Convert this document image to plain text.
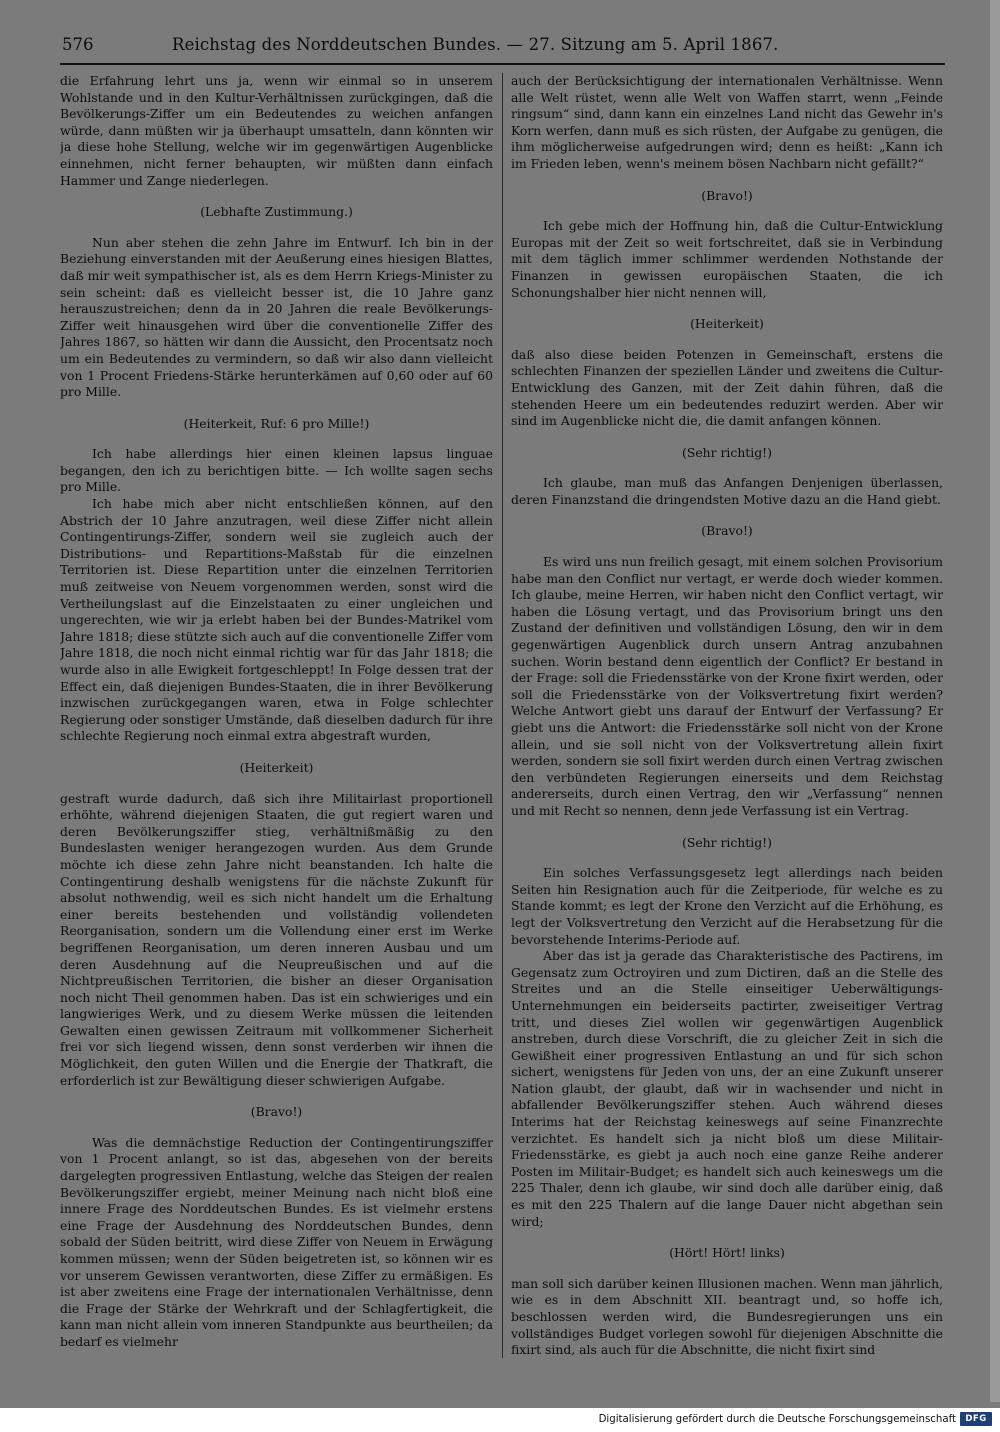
576	Reichstag des Norddeutschen Bundes. — 27. Sitzung am 5. April 1867.

die Erfahrung lehrt uns ja, wenn wir einmal so in unserem Wohlstande und in den Kultur-Verhältnissen zurückgingen, daß die Bevölkerungs-Ziffer um ein Bedeutendes zu weichen anfangen würde, dann müßten wir ja überhaupt umsatteln, dann könnten wir ja diese hohe Stellung, welche wir im gegenwärtigen Augenblicke einnehmen, nicht ferner behaupten, wir müßten dann einfach Hammer und Zange niederlegen.

(Lebhafte Zustimmung.)

Nun aber stehen die zehn Jahre im Entwurf. Ich bin in der Beziehung einverstanden mit der Aeußerung eines hiesigen Blattes, daß mir weit sympathischer ist, als es dem Herrn Kriegs-Minister zu sein scheint: daß es vielleicht besser ist, die 10 Jahre ganz herauszustreichen; denn da in 20 Jahren die reale Bevölkerungs-Ziffer weit hinausgehen wird über die conventionelle Ziffer des Jahres 1867, so hätten wir dann die Aussicht, den Procentsatz noch um ein Bedeutendes zu vermindern, so daß wir also dann vielleicht von 1 Procent Friedens-Stärke herunterkämen auf 0,60 oder auf 60 pro Mille.

(Heiterkeit, Ruf: 6 pro Mille!)

Ich habe allerdings hier einen kleinen lapsus linguae begangen, den ich zu berichtigen bitte. — Ich wollte sagen sechs pro Mille.

Ich habe mich aber nicht entschließen können, auf den Abstrich der 10 Jahre anzutragen, weil diese Ziffer nicht allein Contingentirungs-Ziffer, sondern weil sie zugleich auch der Distributions- und Repartitions-Maßstab für die einzelnen Territorien ist. Diese Repartition unter die einzelnen Territorien muß zeitweise von Neuem vorgenommen werden, sonst wird die Vertheilungslast auf die Einzelstaaten zu einer ungleichen und ungerechten, wie wir ja erlebt haben bei der Bundes-Matrikel vom Jahre 1818; diese stützte sich auch auf die conventionelle Ziffer vom Jahre 1818, die noch nicht einmal richtig war für das Jahr 1818; die wurde also in alle Ewigkeit fortgeschleppt! In Folge dessen trat der Effect ein, daß diejenigen Bundes-Staaten, die in ihrer Bevölkerung inzwischen zurückgegangen waren, etwa in Folge schlechter Regierung oder sonstiger Umstände, daß dieselben dadurch für ihre schlechte Regierung noch einmal extra abgestraft wurden,

(Heiterkeit)

gestraft wurde dadurch, daß sich ihre Militairlast proportionell erhöhte, während diejenigen Staaten, die gut regiert waren und deren Bevölkerungsziffer stieg, verhältnißmäßig zu den Bundeslasten weniger herangezogen wurden. Aus dem Grunde möchte ich diese zehn Jahre nicht beanstanden. Ich halte die Contingentirung deshalb wenigstens für die nächste Zukunft für absolut nothwendig, weil es sich nicht handelt um die Erhaltung einer bereits bestehenden und vollständig vollendeten Reorganisation, sondern um die Vollendung einer erst im Werke begriffenen Reorganisation, um deren inneren Ausbau und um deren Ausdehnung auf die Neupreußischen und auf die Nichtpreußischen Territorien, die bisher an dieser Organisation noch nicht Theil genommen haben. Das ist ein schwieriges und ein langwieriges Werk, und zu diesem Werke müssen die leitenden Gewalten einen gewissen Zeitraum mit vollkommener Sicherheit frei vor sich liegend wissen, denn sonst verderben wir ihnen die Möglichkeit, den guten Willen und die Energie der Thatkraft, die erforderlich ist zur Bewältigung dieser schwierigen Aufgabe.

(Bravo!)

Was die demnächstige Reduction der Contingentirungsziffer von 1 Procent anlangt, so ist das, abgesehen von der bereits dargelegten progressiven Entlastung, welche das Steigen der realen Bevölkerungsziffer ergiebt, meiner Meinung nach nicht bloß eine innere Frage des Norddeutschen Bundes. Es ist vielmehr erstens eine Frage der Ausdehnung des Norddeutschen Bundes, denn sobald der Süden beitritt, wird diese Ziffer von Neuem in Erwägung kommen müssen; wenn der Süden beigetreten ist, so können wir es vor unserem Gewissen verantworten, diese Ziffer zu ermäßigen. Es ist aber zweitens eine Frage der internationalen Verhältnisse, denn die Frage der Stärke der Wehrkraft und der Schlagfertigkeit, die kann man nicht allein vom inneren Standpunkte aus beurtheilen; da bedarf es vielmehr

auch der Berücksichtigung der internationalen Verhältnisse. Wenn alle Welt rüstet, wenn alle Welt von Waffen starrt, wenn „Feinde ringsum“ sind, dann kann ein einzelnes Land nicht das Gewehr in's Korn werfen, dann muß es sich rüsten, der Aufgabe zu genügen, die ihm möglicherweise aufgedrungen wird; denn es heißt: „Kann ich im Frieden leben, wenn's meinem bösen Nachbarn nicht gefällt?“

(Bravo!)

Ich gebe mich der Hoffnung hin, daß die Cultur-Entwicklung Europas mit der Zeit so weit fortschreitet, daß sie in Verbindung mit dem täglich immer schlimmer werdenden Nothstande der Finanzen in gewissen europäischen Staaten, die ich Schonungshalber hier nicht nennen will,

(Heiterkeit)

daß also diese beiden Potenzen in Gemeinschaft, erstens die schlechten Finanzen der speziellen Länder und zweitens die Cultur-Entwicklung des Ganzen, mit der Zeit dahin führen, daß die stehenden Heere um ein bedeutendes reduzirt werden. Aber wir sind im Augenblicke nicht die, die damit anfangen können.

(Sehr richtig!)

Ich glaube, man muß das Anfangen Denjenigen überlassen, deren Finanzstand die dringendsten Motive dazu an die Hand giebt.

(Bravo!)

Es wird uns nun freilich gesagt, mit einem solchen Provisorium habe man den Conflict nur vertagt, er werde doch wieder kommen. Ich glaube, meine Herren, wir haben nicht den Conflict vertagt, wir haben die Lösung vertagt, und das Provisorium bringt uns den Zustand der definitiven und vollständigen Lösung, den wir in dem gegenwärtigen Augenblick durch unsern Antrag anzubahnen suchen. Worin bestand denn eigentlich der Conflict? Er bestand in der Frage: soll die Friedensstärke von der Krone fixirt werden, oder soll die Friedensstärke von der Volksvertretung fixirt werden? Welche Antwort giebt uns darauf der Entwurf der Verfassung? Er giebt uns die Antwort: die Friedensstärke soll nicht von der Krone allein, und sie soll nicht von der Volksvertretung allein fixirt werden, sondern sie soll fixirt werden durch einen Vertrag zwischen den verbündeten Regierungen einerseits und dem Reichstag andererseits, durch einen Vertrag, den wir „Verfassung“ nennen und mit Recht so nennen, denn jede Verfassung ist ein Vertrag.

(Sehr richtig!)

Ein solches Verfassungsgesetz legt allerdings nach beiden Seiten hin Resignation auch für die Zeitperiode, für welche es zu Stande kommt; es legt der Krone den Verzicht auf die Erhöhung, es legt der Volksvertretung den Verzicht auf die Herabsetzung für die bevorstehende Interims-Periode auf.

Aber das ist ja gerade das Charakteristische des Pactirens, im Gegensatz zum Octroyiren und zum Dictiren, daß an die Stelle des Streites und an die Stelle einseitiger Ueberwältigungs-Unternehmungen ein beiderseits pactirter, zweiseitiger Vertrag tritt, und dieses Ziel wollen wir gegenwärtigen Augenblick anstreben, durch diese Vorschrift, die zu gleicher Zeit in sich die Gewißheit einer progressiven Entlastung an und für sich schon sichert, wenigstens für Jeden von uns, der an eine Zukunft unserer Nation glaubt, der glaubt, daß wir in wachsender und nicht in abfallender Bevölkerungsziffer stehen. Auch während dieses Interims hat der Reichstag keineswegs auf seine Finanzrechte verzichtet. Es handelt sich ja nicht bloß um diese Militair-Friedensstärke, es giebt ja auch noch eine ganze Reihe anderer Posten im Militair-Budget; es handelt sich auch keineswegs um die 225 Thaler, denn ich glaube, wir sind doch alle darüber einig, daß es mit den 225 Thalern auf die lange Dauer nicht abgethan sein wird;

(Hört! Hört! links)

man soll sich darüber keinen Illusionen machen. Wenn man jährlich, wie es in dem Abschnitt XII. beantragt und, so hoffe ich, beschlossen werden wird, die Bundesregierungen uns ein vollständiges Budget vorlegen sowohl für diejenigen Abschnitte die fixirt sind, als auch für die Abschnitte, die nicht fixirt sind

Digitalisierung gefördert durch die Deutsche Forschungsgemeinschaft	DFG
